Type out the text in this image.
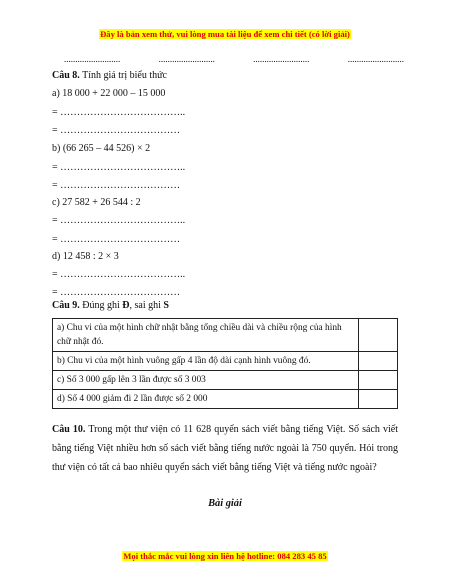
Đây là bản xem thử, vui lòng mua tài liệu để xem chi tiết (có lời giải)
.........................	.........................	.........................	.........................
Câu 8. Tính giá trị biểu thức
a) 18 000 + 22 000 – 15 000
= ………………………………..
= ………………………………
b) (66 265 – 44 526) × 2
= ………………………………..
= ………………………………
c) 27 582 + 26 544 : 2
= ………………………………..
= ………………………………
d) 12 458 : 2 × 3
= ………………………………..
= ………………………………
Câu 9. Đúng ghi Đ, sai ghi S
a) Chu vi của một hình chữ nhật bằng tổng chiều dài và chiều rộng của hình chữ nhật đó.	
b) Chu vi của một hình vuông gấp 4 lần độ dài cạnh hình vuông đó.	
c) Số 3 000 gấp lên 3 lần được số 3 003	
d) Số 4 000 giảm đi 2 lần được số 2 000	
Câu 10. Trong một thư viện có 11 628 quyển sách viết bằng tiếng Việt. Số sách viết bằng tiếng Việt nhiều hơn số sách viết bằng tiếng nước ngoài là 750 quyển. Hỏi trong thư viện có tất cả bao nhiêu quyển sách viết bằng tiếng Việt và tiếng nước ngoài?
Bài giải
Mọi thắc mắc vui lòng xin liên hệ hotline: 084 283 45 85
